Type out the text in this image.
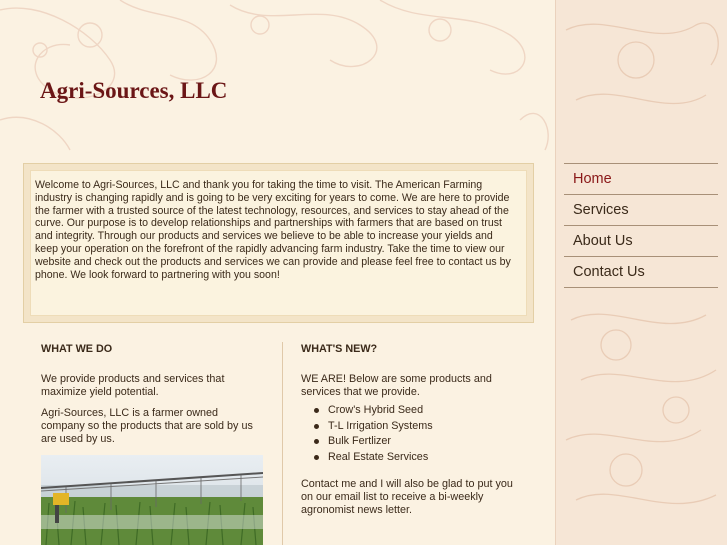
Agri-Sources, LLC

Welcome to Agri-Sources, LLC and thank you for taking the time to visit. The American Farming industry is changing rapidly and is going to be very exciting for years to come. We are here to provide the farmer with a trusted source of the latest technology, resources, and services to stay ahead of the curve. Our purpose is to develop relationships and partnerships with farmers that are based on trust and integrity. Through our products and services we believe to be able to increase your yields and keep your operation on the forefront of the rapidly advancing farm industry. Take the time to view our website and check out the products and services we can provide and please feel free to contact us by phone. We look forward to partnering with you soon!

WHAT WE DO

We provide products and services that maximize yield potential.

Agri-Sources, LLC is a farmer owned company so the products that are sold by us are used by us.

WHAT'S NEW?

WE ARE! Below are some products and services that we provide.

Crow's Hybrid Seed
T-L Irrigation Systems
Bulk Fertlizer
Real Estate Services

Contact me and I will also be glad to put you on our email list to receive a bi-weekly agronomist news letter.

Home
Services
About Us
Contact Us
